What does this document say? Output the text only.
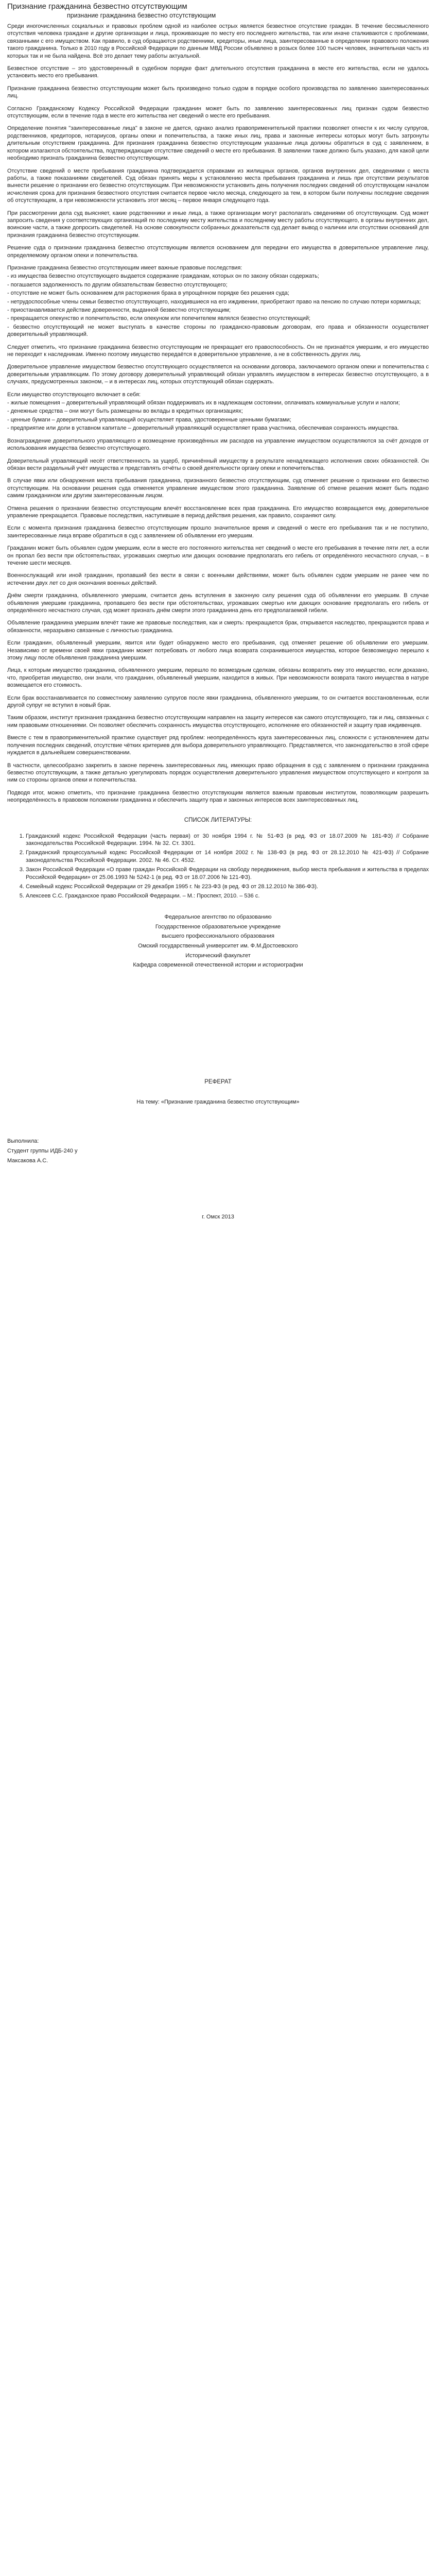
Признание гражданина безвестно отсутствующим
признание гражданина безвестно отсутствующим

Среди иногочисленных социальных и правовых проблем одной из наиболее острых является безвестное отсутствие граждан. В течение бессмысленного отсутствия человека граждане и другие организации и лица, проживающие по месту его последнего жительства, так или иначе сталкиваются с проблемами, связанными с его имуществом. Как правило, в суд обращаются родственники, кредиторы, иные лица, заинтересованные в определении правового положения такого гражданина. Только в 2010 году в Российской Федерации по данным МВД России объявлено в розыск более 100 тысяч человек, значительная часть из которых так и не была найдена. Всё это делает тему работы актуальной.

Безвестное отсутствие – это удостоверенный в судебном порядке факт длительного отсутствия гражданина в месте его жительства, если не удалось установить место его пребывания.

Признание гражданина безвестно отсутствующим может быть произведено только судом в порядке особого производства по заявлению заинтересованных лиц.

Согласно Гражданскому Кодексу Российской Федерации гражданин может быть по заявлению заинтересованных лиц признан судом безвестно отсутствующим, если в течение года в месте его жительства нет сведений о месте его пребывания.

Определение понятия "заинтересованные лица" в законе не дается, однако анализ правоприменительной практики позволяет отнести к их числу супругов, родственников, кредиторов, нотариусов, органы опеки и попечительства, а также иных лиц, права и законные интересы которых могут быть затронуты длительным отсутствием гражданина. Для признания гражданина безвестно отсутствующим указанные лица должны обратиться в суд с заявлением, в котором излагаются обстоятельства, подтверждающие отсутствие сведений о месте его пребывания. В заявлении также должно быть указано, для какой цели необходимо признать гражданина безвестно отсутствующим.

Отсутствие сведений о месте пребывания гражданина подтверждается справками из жилищных органов, органов внутренних дел, сведениями с места работы, а также показаниями свидетелей. Суд обязан принять меры к установлению места пребывания гражданина и лишь при отсутствии результатов вынести решение о признании его безвестно отсутствующим. При невозможности установить день получения последних сведений об отсутствующем началом исчисления срока для признания безвестного отсутствия считается первое число месяца, следующего за тем, в котором были получены последние сведения об отсутствующем, а при невозможности установить этот месяц – первое января следующего года.

При рассмотрении дела суд выясняет, какие родственники и иные лица, а также организации могут располагать сведениями об отсутствующем. Суд может запросить сведения у соответствующих организаций по последнему месту жительства и последнему месту работы отсутствующего, в органы внутренних дел, воинские части, а также допросить свидетелей. На основе совокупности собранных доказательств суд делает вывод о наличии или отсутствии оснований для признания гражданина безвестно отсутствующим.

Решение суда о признании гражданина безвестно отсутствующим является основанием для передачи его имущества в доверительное управление лицу, определяемому органом опеки и попечительства.

Признание гражданина безвестно отсутствующим имеет важные правовые последствия:

- из имущества безвестно отсутствующего выдается содержание гражданам, которых он по закону обязан содержать;

- погашается задолженность по другим обязательствам безвестно отсутствующего;

- отсутствие не может быть основанием для расторжения брака в упрощённом порядке без решения суда;

- нетрудоспособные члены семьи безвестно отсутствующего, находившиеся на его иждивении, приобретают право на пенсию по случаю потери кормильца;

- приостанавливается действие доверенности, выданной безвестно отсутствующим;

- прекращается опекунство и попечительство, если опекуном или попечителем являлся безвестно отсутствующий;

- безвестно отсутствующий не может выступать в качестве стороны по гражданско-правовым договорам, его права и обязанности осуществляет доверительный управляющий.

Следует отметить, что признание гражданина безвестно отсутствующим не прекращает его правоспособность. Он не признаётся умершим, и его имущество не переходит к наследникам. Именно поэтому имущество передаётся в доверительное управление, а не в собственность других лиц.

Доверительное управление имуществом безвестно отсутствующего осуществляется на основании договора, заключаемого органом опеки и попечительства с доверительным управляющим. По этому договору доверительный управляющий обязан управлять имуществом в интересах безвестно отсутствующего, а в случаях, предусмотренных законом, – и в интересах лиц, которых отсутствующий обязан содержать.

Если имущество отсутствующего включает в себя:

- жилые помещения – доверительный управляющий обязан поддерживать их в надлежащем состоянии, оплачивать коммунальные услуги и налоги;

- денежные средства – они могут быть размещены во вклады в кредитных организациях;

- ценные бумаги – доверительный управляющий осуществляет права, удостоверенные ценными бумагами;

- предприятие или доли в уставном капитале – доверительный управляющий осуществляет права участника, обеспечивая сохранность имущества.

Вознаграждение доверительного управляющего и возмещение произведённых им расходов на управление имуществом осуществляются за счёт доходов от использования имущества безвестно отсутствующего.

Доверительный управляющий несёт ответственность за ущерб, причинённый имуществу в результате ненадлежащего исполнения своих обязанностей. Он обязан вести раздельный учёт имущества и представлять отчёты о своей деятельности органу опеки и попечительства.

В случае явки или обнаружения места пребывания гражданина, признанного безвестно отсутствующим, суд отменяет решение о признании его безвестно отсутствующим. На основании решения суда отменяется управление имуществом этого гражданина. Заявление об отмене решения может быть подано самим гражданином или другим заинтересованным лицом.

Отмена решения о признании безвестно отсутствующим влечёт восстановление всех прав гражданина. Его имущество возвращается ему, доверительное управление прекращается. Правовые последствия, наступившие в период действия решения, как правило, сохраняют силу.

Если с момента признания гражданина безвестно отсутствующим прошло значительное время и сведений о месте его пребывания так и не поступило, заинтересованные лица вправе обратиться в суд с заявлением об объявлении его умершим.

Гражданин может быть объявлен судом умершим, если в месте его постоянного жительства нет сведений о месте его пребывания в течение пяти лет, а если он пропал без вести при обстоятельствах, угрожавших смертью или дающих основание предполагать его гибель от определённого несчастного случая, – в течение шести месяцев.

Военнослужащий или иной гражданин, пропавший без вести в связи с военными действиями, может быть объявлен судом умершим не ранее чем по истечении двух лет со дня окончания военных действий.

Днём смерти гражданина, объявленного умершим, считается день вступления в законную силу решения суда об объявлении его умершим. В случае объявления умершим гражданина, пропавшего без вести при обстоятельствах, угрожавших смертью или дающих основание предполагать его гибель от определённого несчастного случая, суд может признать днём смерти этого гражданина день его предполагаемой гибели.

Объявление гражданина умершим влечёт такие же правовые последствия, как и смерть: прекращается брак, открывается наследство, прекращаются права и обязанности, неразрывно связанные с личностью гражданина.

Если гражданин, объявленный умершим, явится или будет обнаружено место его пребывания, суд отменяет решение об объявлении его умершим. Независимо от времени своей явки гражданин может потребовать от любого лица возврата сохранившегося имущества, которое безвозмездно перешло к этому лицу после объявления гражданина умершим.

Лица, к которым имущество гражданина, объявленного умершим, перешло по возмездным сделкам, обязаны возвратить ему это имущество, если доказано, что, приобретая имущество, они знали, что гражданин, объявленный умершим, находится в живых. При невозможности возврата такого имущества в натуре возмещается его стоимость.

Если брак восстанавливается по совместному заявлению супругов после явки гражданина, объявленного умершим, то он считается восстановленным, если другой супруг не вступил в новый брак.

Таким образом, институт признания гражданина безвестно отсутствующим направлен на защиту интересов как самого отсутствующего, так и лиц, связанных с ним правовыми отношениями. Он позволяет обеспечить сохранность имущества отсутствующего, исполнение его обязанностей и защиту прав иждивенцев.

Вместе с тем в правоприменительной практике существует ряд проблем: неопределённость круга заинтересованных лиц, сложности с установлением даты получения последних сведений, отсутствие чётких критериев для выбора доверительного управляющего. Представляется, что законодательство в этой сфере нуждается в дальнейшем совершенствовании.

В частности, целесообразно закрепить в законе перечень заинтересованных лиц, имеющих право обращения в суд с заявлением о признании гражданина безвестно отсутствующим, а также детально урегулировать порядок осуществления доверительного управления имуществом отсутствующего и контроля за ним со стороны органов опеки и попечительства.

Подводя итог, можно отметить, что признание гражданина безвестно отсутствующим является важным правовым институтом, позволяющим разрешить неопределённость в правовом положении гражданина и обеспечить защиту прав и законных интересов всех заинтересованных лиц.

СПИСОК ЛИТЕРАТУРЫ:
1. Гражданский кодекс Российской Федерации (часть первая) от 30 ноября 1994 г. № 51-ФЗ (в ред. ФЗ от 18.07.2009 № 181-ФЗ) // Собрание законодательства Российской Федерации. 1994. № 32. Ст. 3301.
2. Гражданский процессуальный кодекс Российской Федерации от 14 ноября 2002 г. № 138-ФЗ (в ред. ФЗ от 28.12.2010 № 421-ФЗ) // Собрание законодательства Российской Федерации. 2002. № 46. Ст. 4532.
3. Закон Российской Федерации «О праве граждан Российской Федерации на свободу передвижения, выбор места пребывания и жительства в пределах Российской Федерации» от 25.06.1993 № 5242-1 (в ред. ФЗ от 18.07.2006 № 121-ФЗ).
4. Семейный кодекс Российской Федерации от 29 декабря 1995 г. № 223-ФЗ (в ред. ФЗ от 28.12.2010 № 386-ФЗ).
5. Алексеев С.С. Гражданское право Российской Федерации. – М.: Проспект, 2010. – 536 с.
Федеральное агентство по образованию
Государственное образовательное учреждение
высшего профессионального образования
Омский государственный университет им. Ф.М.Достоевского
Исторический факультет
Кафедра современной отечественной истории и историографии
РЕФЕРАТ
На тему: «Признание гражданина безвестно отсутствующим»
Выполнила:
Студент группы ИДБ-240 у
Максакова А.С.
г. Омск 2013
